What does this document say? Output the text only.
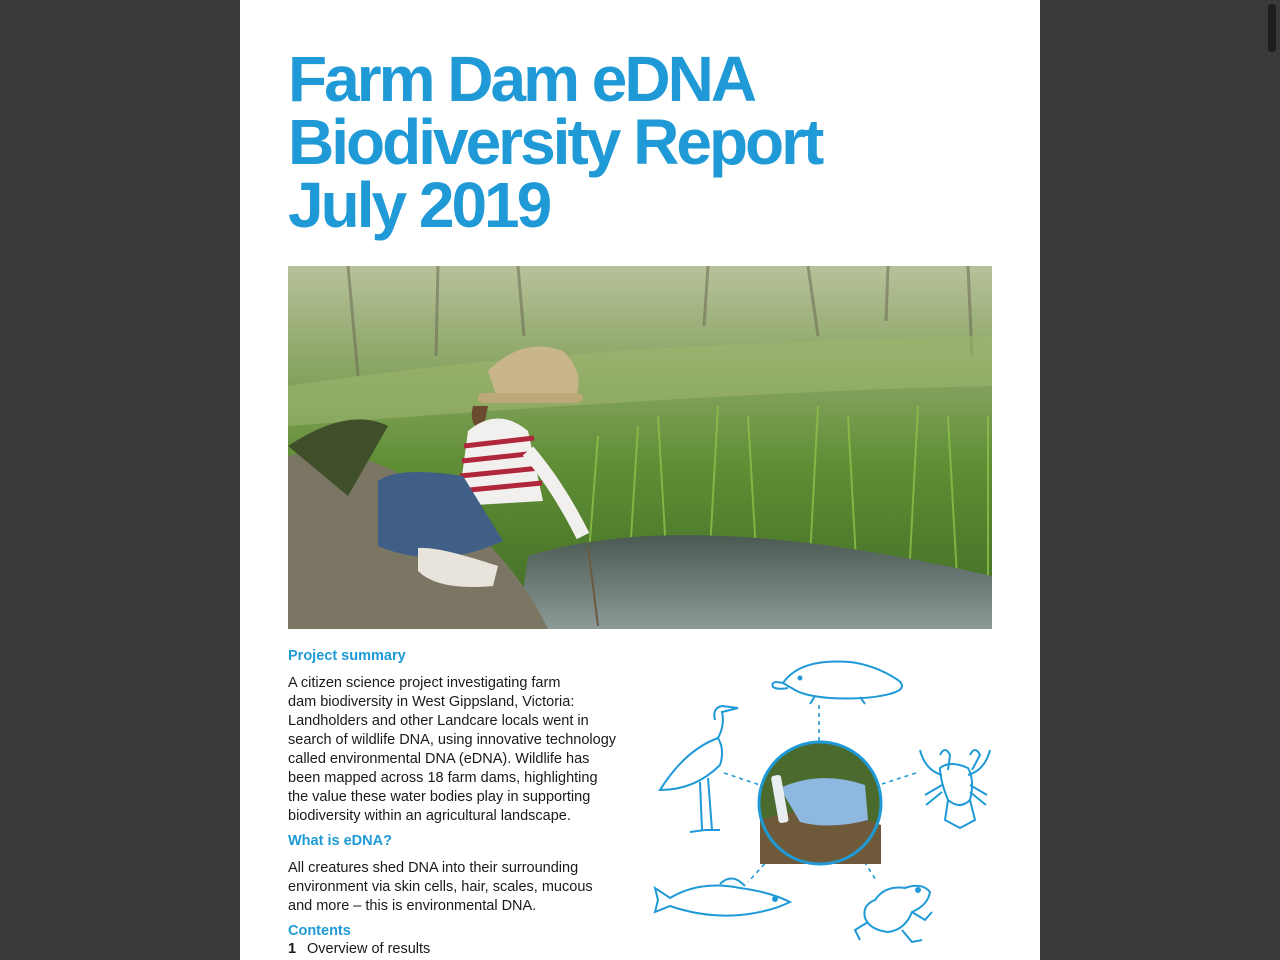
Farm Dam eDNA
Biodiversity Report
July 2019
Project summary

A citizen science project investigating farm
dam biodiversity in West Gippsland, Victoria:
Landholders and other Landcare locals went in
search of wildlife DNA, using innovative technology
called environmental DNA (eDNA). Wildlife has
been mapped across 18 farm dams, highlighting
the value these water bodies play in supporting
biodiversity within an agricultural landscape.

What is eDNA?

All creatures shed DNA into their surrounding
environment via skin cells, hair, scales, mucous
and more – this is environmental DNA.

Contents
1 Overview of results
